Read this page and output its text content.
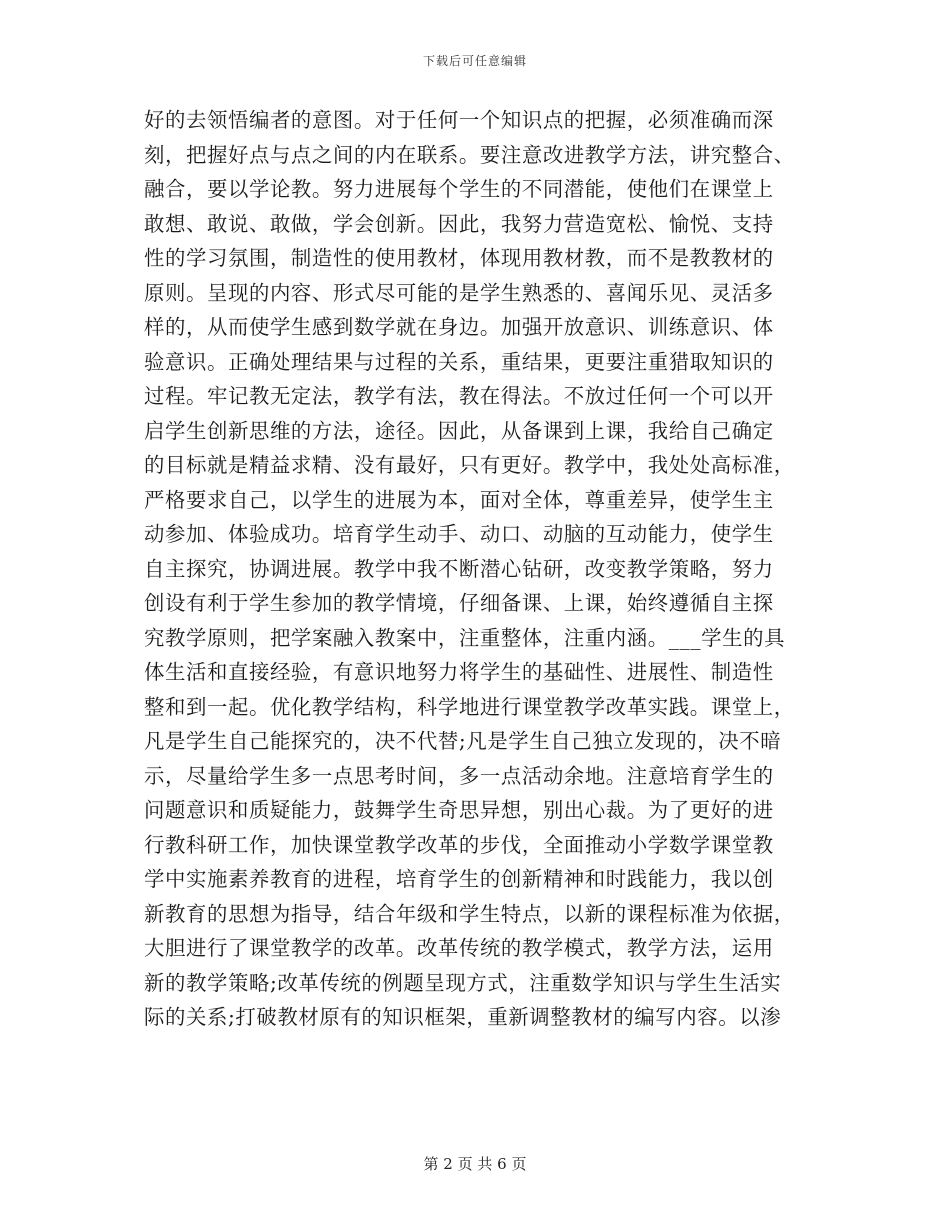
下载后可任意编辑
好的去领悟编者的意图。对于任何一个知识点的把握，必须准确而深
刻，把握好点与点之间的内在联系。要注意改进教学方法，讲究整合、
融合，要以学论教。努力进展每个学生的不同潜能，使他们在课堂上
敢想、敢说、敢做，学会创新。因此，我努力营造宽松、愉悦、支持
性的学习氛围，制造性的使用教材，体现用教材教，而不是教教材的
原则。呈现的内容、形式尽可能的是学生熟悉的、喜闻乐见、灵活多
样的，从而使学生感到数学就在身边。加强开放意识、训练意识、体
验意识。正确处理结果与过程的关系，重结果，更要注重猎取知识的
过程。牢记教无定法，教学有法，教在得法。不放过任何一个可以开
启学生创新思维的方法，途径。因此，从备课到上课，我给自己确定
的目标就是精益求精、没有最好，只有更好。教学中，我处处高标准，
严格要求自己，以学生的进展为本，面对全体，尊重差异，使学生主
动参加、体验成功。培育学生动手、动口、动脑的互动能力，使学生
自主探究，协调进展。教学中我不断潜心钻研，改变教学策略，努力
创设有利于学生参加的教学情境，仔细备课、上课，始终遵循自主探
究教学原则，把学案融入教案中，注重整体，注重内涵。___学生的具
体生活和直接经验，有意识地努力将学生的基础性、进展性、制造性
整和到一起。优化教学结构，科学地进行课堂教学改革实践。课堂上，
凡是学生自己能探究的，决不代替;凡是学生自己独立发现的，决不暗
示，尽量给学生多一点思考时间，多一点活动余地。注意培育学生的
问题意识和质疑能力，鼓舞学生奇思异想，别出心裁。为了更好的进
行教科研工作，加快课堂教学改革的步伐，全面推动小学数学课堂教
学中实施素养教育的进程，培育学生的创新精神和时践能力，我以创
新教育的思想为指导，结合年级和学生特点，以新的课程标准为依据，
大胆进行了课堂教学的改革。改革传统的教学模式，教学方法，运用
新的教学策略;改革传统的例题呈现方式，注重数学知识与学生生活实
际的关系;打破教材原有的知识框架，重新调整教材的编写内容。以渗
第 2 页 共 6 页
